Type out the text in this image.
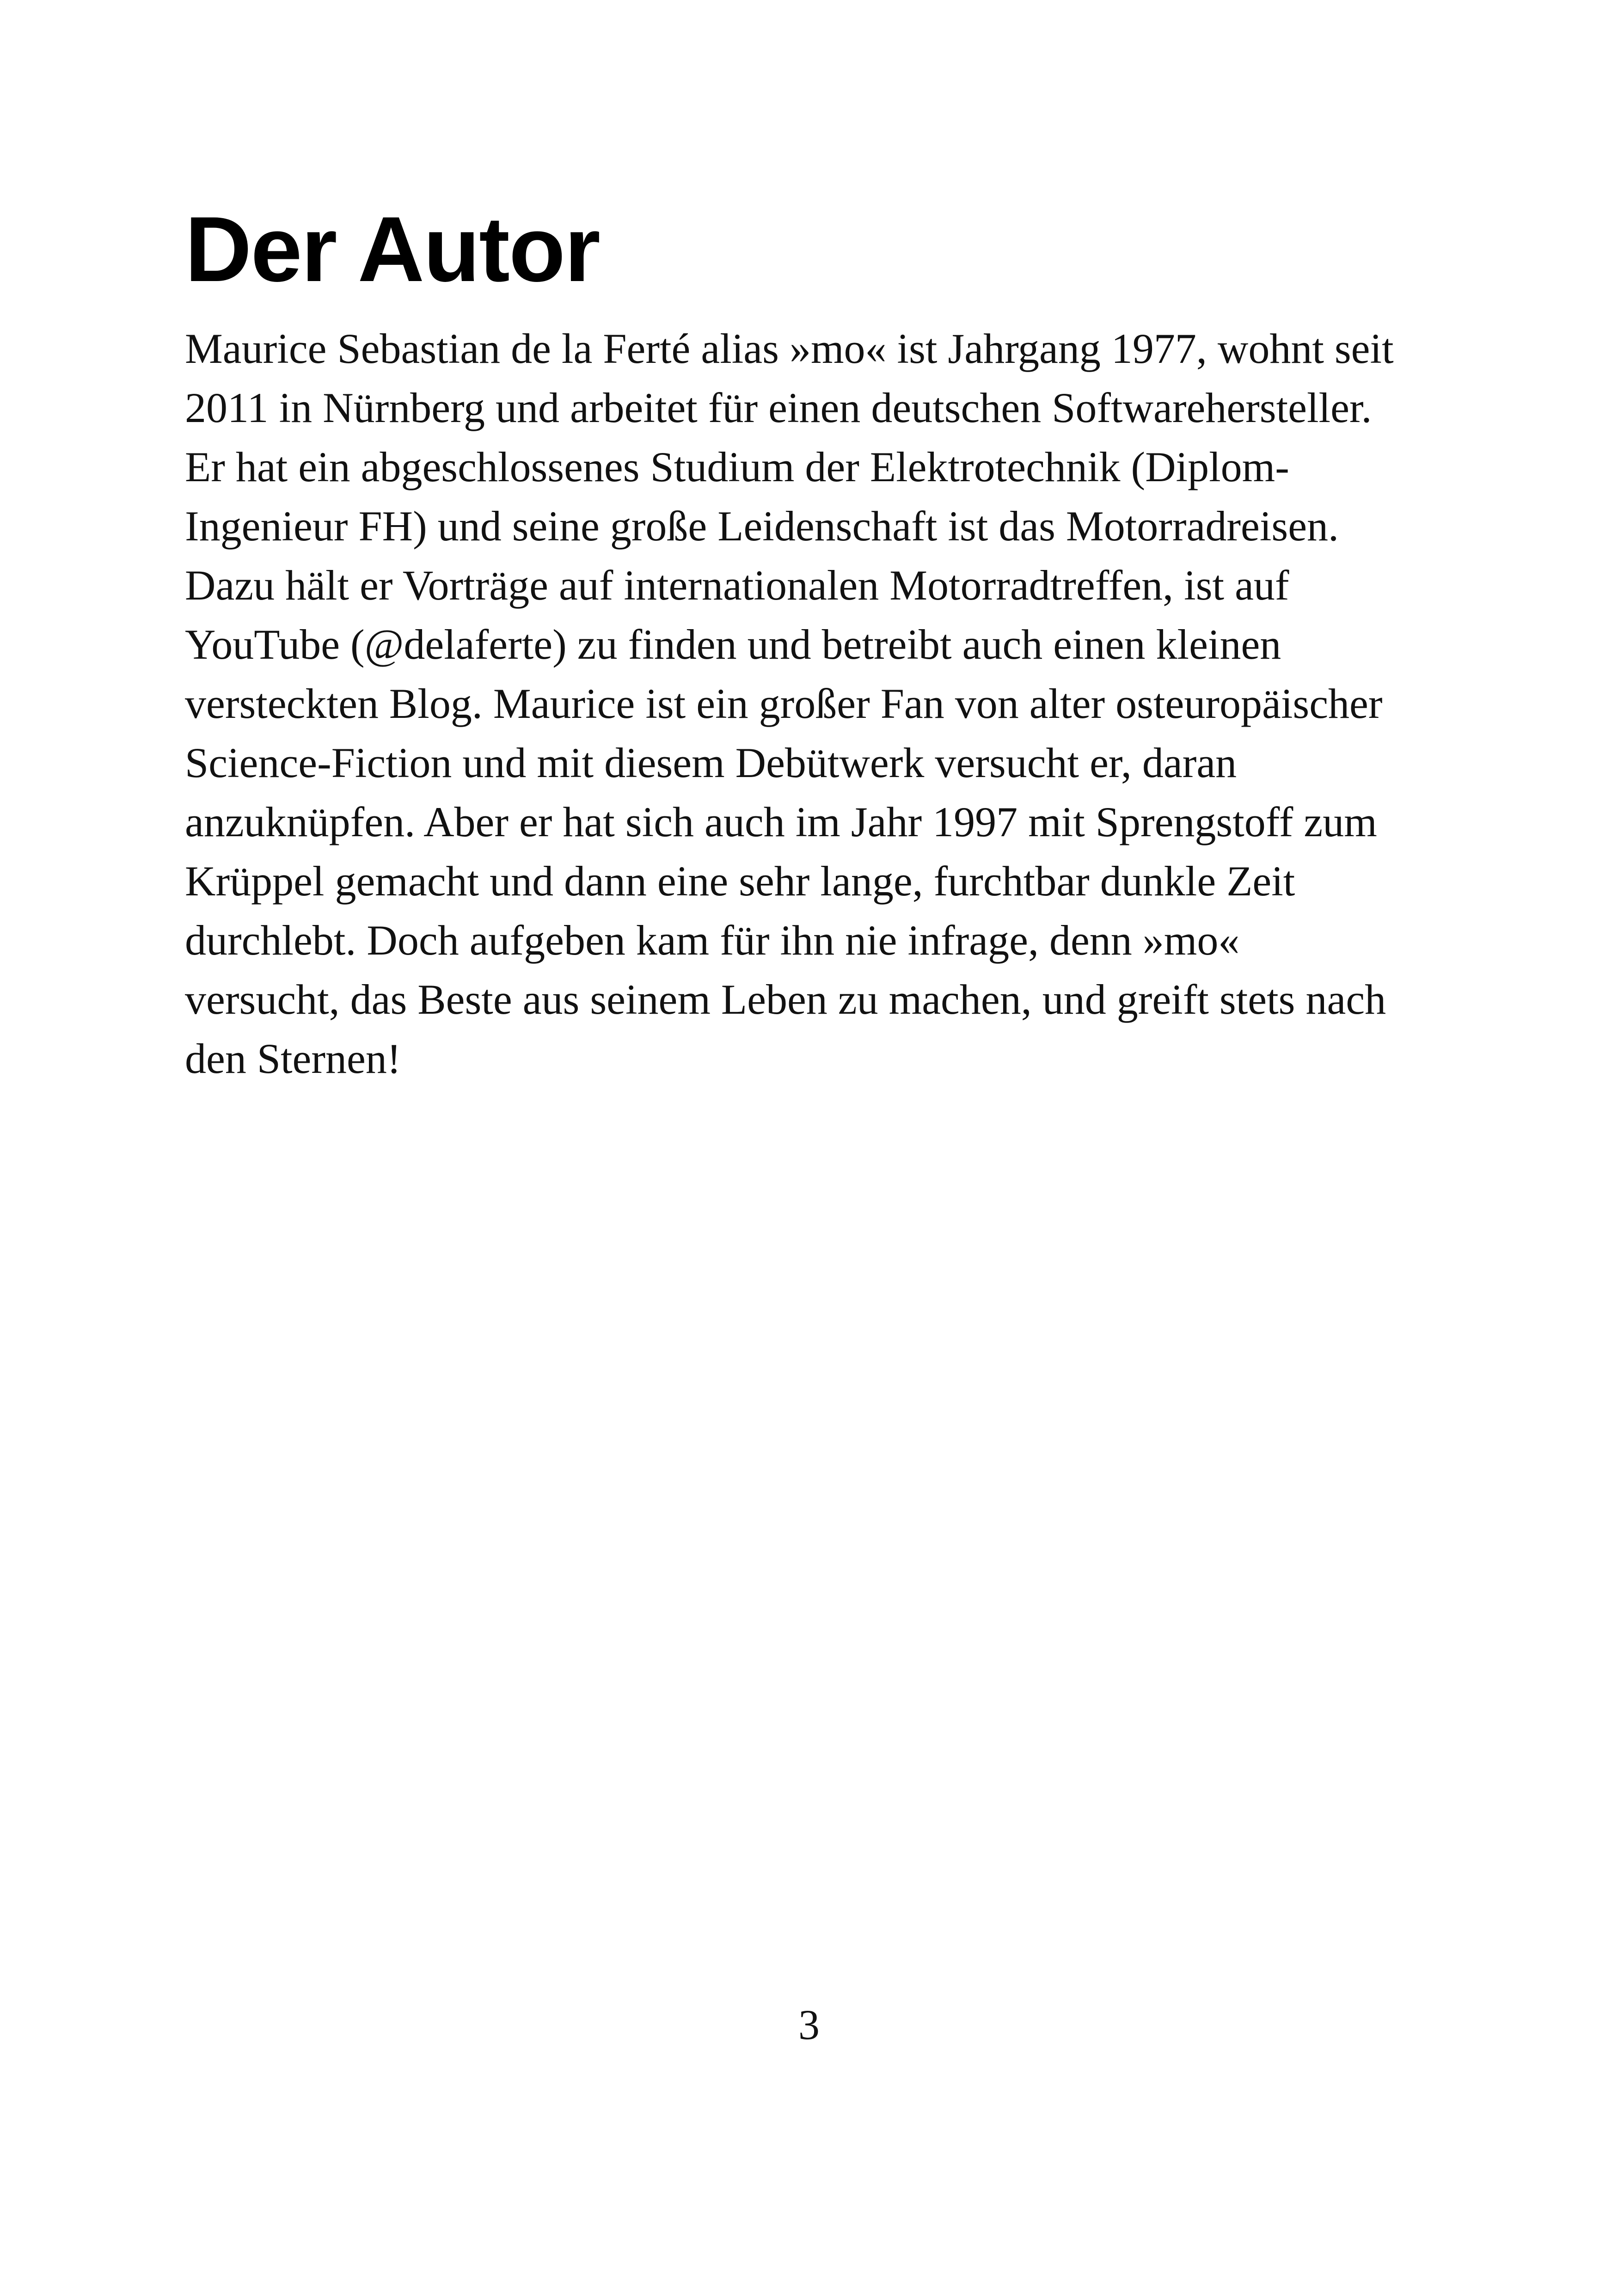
Der Autor
Maurice Sebastian de la Ferté alias »mo« ist Jahrgang 1977, wohnt seit
2011 in Nürnberg und arbeitet für einen deutschen Softwarehersteller.
Er hat ein abgeschlossenes Studium der Elektrotechnik (Diplom-
Ingenieur FH) und seine große Leidenschaft ist das Motorradreisen.
Dazu hält er Vorträge auf internationalen Motorradtreffen, ist auf
YouTube (@delaferte) zu finden und betreibt auch einen kleinen
versteckten Blog. Maurice ist ein großer Fan von alter osteuropäischer
Science-Fiction und mit diesem Debütwerk versucht er, daran
anzuknüpfen. Aber er hat sich auch im Jahr 1997 mit Sprengstoff zum
Krüppel gemacht und dann eine sehr lange, furchtbar dunkle Zeit
durchlebt. Doch aufgeben kam für ihn nie infrage, denn »mo«
versucht, das Beste aus seinem Leben zu machen, und greift stets nach
den Sternen!
3
